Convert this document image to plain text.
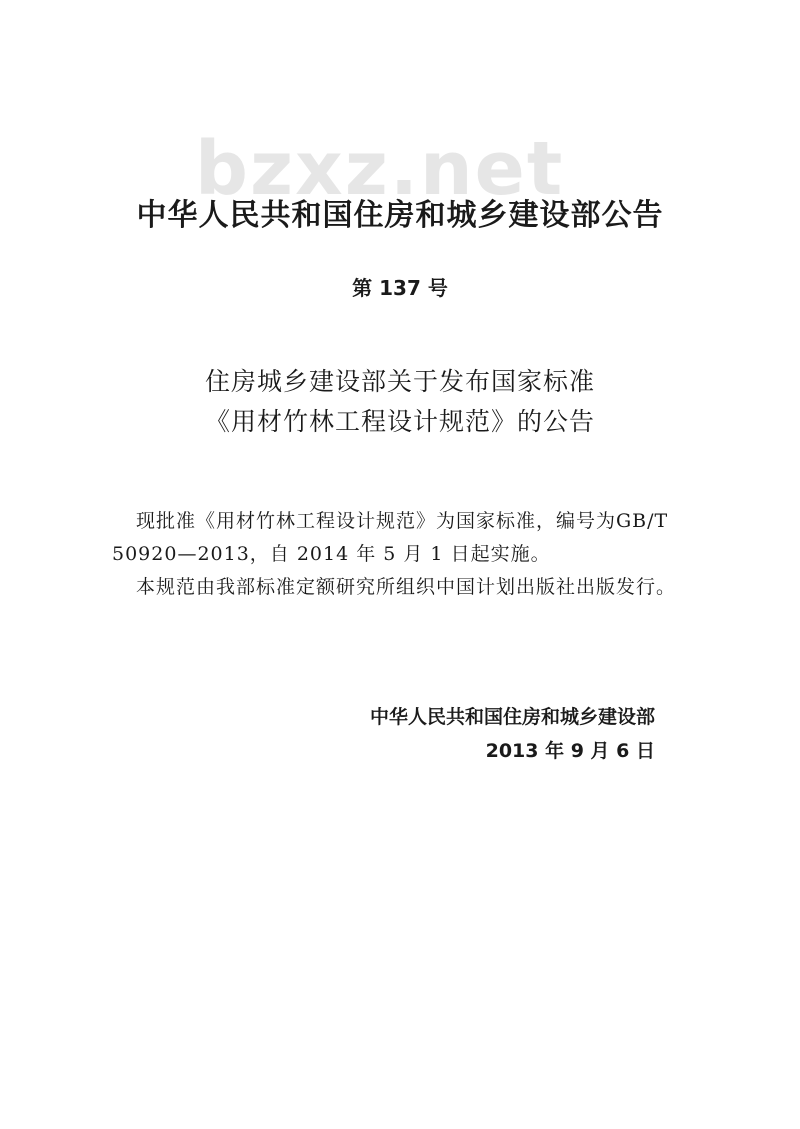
bzxz.net
中华人民共和国住房和城乡建设部公告
第 137 号
住房城乡建设部关于发布国家标准
《用材竹林工程设计规范》的公告

现批准《用材竹林工程设计规范》为国家标准，编号为GB/T 50920—2013，自 2014 年 5 月 1 日起实施。

本规范由我部标准定额研究所组织中国计划出版社出版发行。

中华人民共和国住房和城乡建设部
2013 年 9 月 6 日
